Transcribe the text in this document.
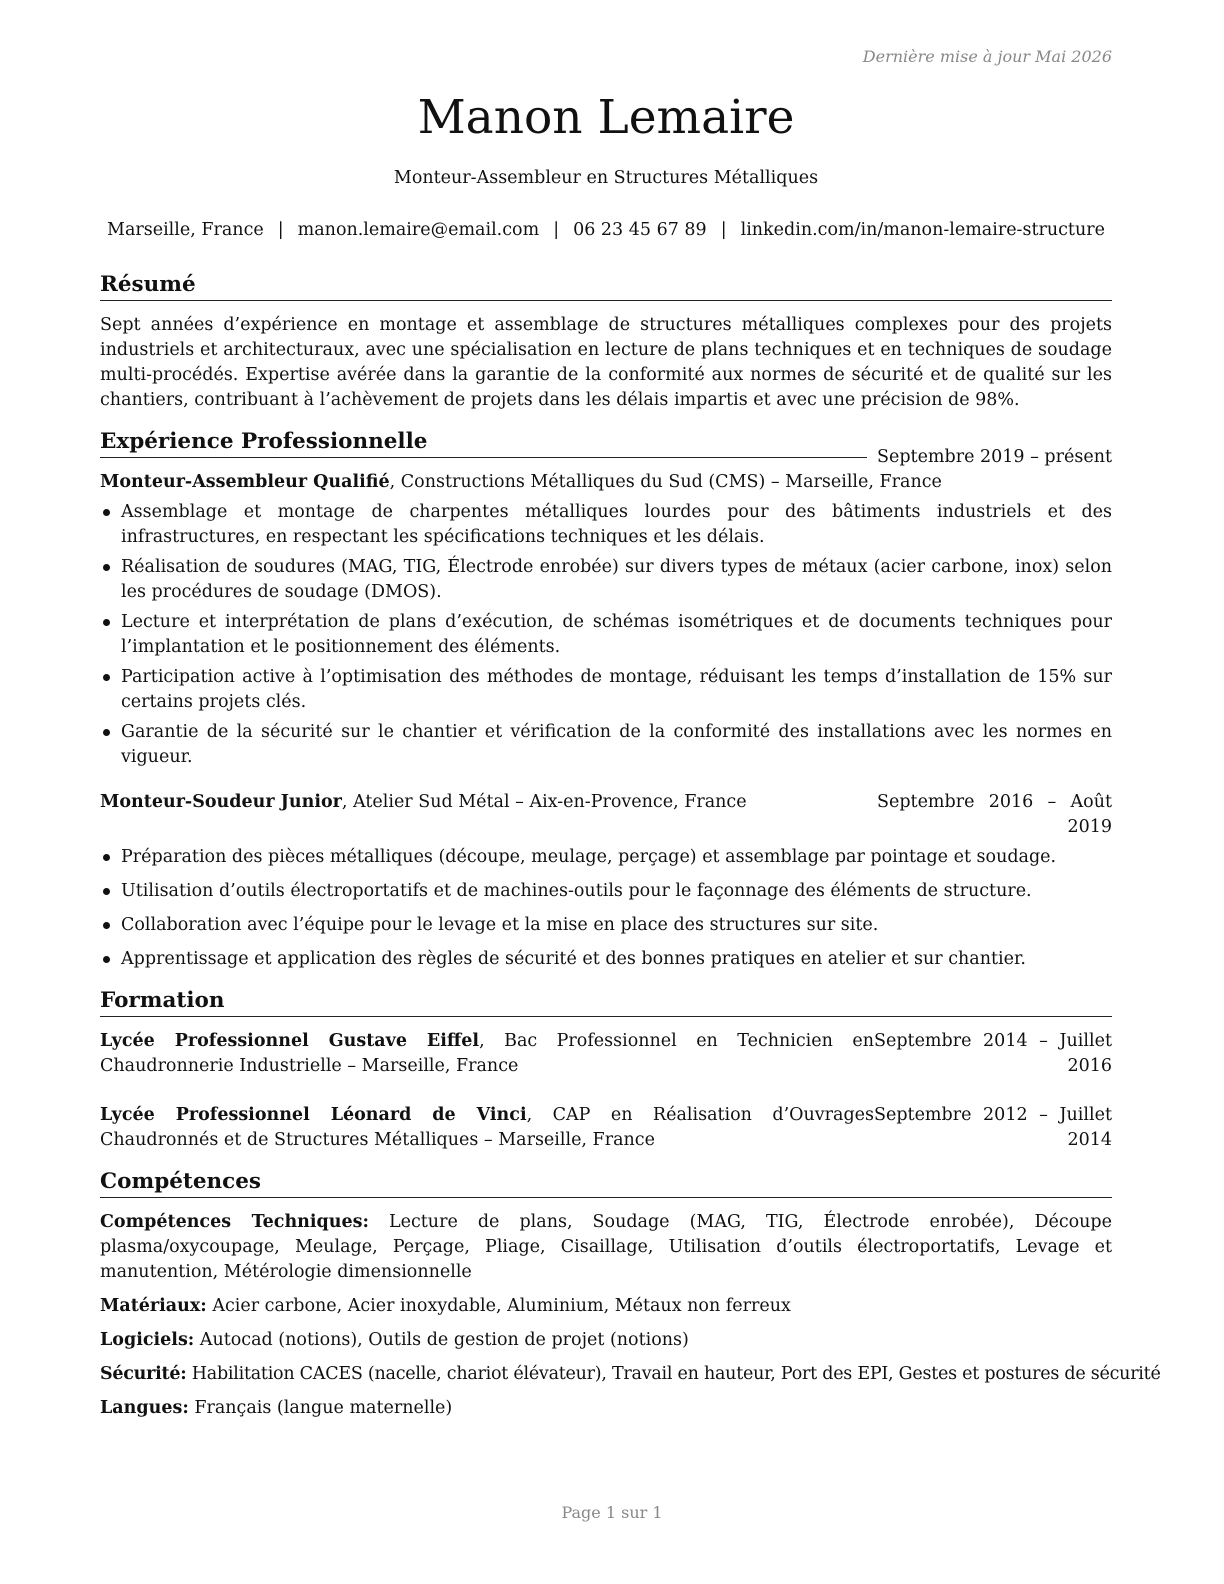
Dernière mise à jour Mai 2026
Manon Lemaire
Monteur-Assembleur en Structures Métalliques
Marseille, France | manon.lemaire@email.com | 06 23 45 67 89 | linkedin.com/in/manon-lemaire-structure
Résumé

Sept années d’expérience en montage et assemblage de structures métalliques complexes pour des projets industriels et architecturaux, avec une spécialisation en lecture de plans techniques et en techniques de soudage multi-procédés. Expertise avérée dans la garantie de la conformité aux normes de sécurité et de qualité sur les chantiers, contribuant à l’achèvement de projets dans les délais impartis et avec une précision de 98%.

Expérience Professionnelle

Monteur-Assembleur Qualifié, Constructions Métalliques du Sud (CMS) – Marseille, France

Septembre 2019 – présent
Assemblage et montage de charpentes métalliques lourdes pour des bâtiments industriels et des infrastructures, en respectant les spécifications techniques et les délais.
Réalisation de soudures (MAG, TIG, Électrode enrobée) sur divers types de métaux (acier carbone, inox) selon les procédures de soudage (DMOS).
Lecture et interprétation de plans d’exécution, de schémas isométriques et de documents techniques pour l’implantation et le positionnement des éléments.
Participation active à l’optimisation des méthodes de montage, réduisant les temps d’installation de 15% sur certains projets clés.
Garantie de la sécurité sur le chantier et vérification de la conformité des installations avec les normes en vigueur.
Monteur-Soudeur Junior, Atelier Sud Métal – Aix-en-Provence, France	Septembre 2016 – Août 2019
Préparation des pièces métalliques (découpe, meulage, perçage) et assemblage par pointage et soudage.
Utilisation d’outils électroportatifs et de machines-outils pour le façonnage des éléments de structure.
Collaboration avec l’équipe pour le levage et la mise en place des structures sur site.
Apprentissage et application des règles de sécurité et des bonnes pratiques en atelier et sur chantier.
Formation
Lycée Professionnel Gustave Eiffel, Bac Professionnel en Technicien en Chaudronnerie Industrielle – Marseille, France
Septembre 2014 – Juillet 2016
Lycée Professionnel Léonard de Vinci, CAP en Réalisation d’Ouvrages Chaudronnés et de Structures Métalliques – Marseille, France
Septembre 2012 – Juillet 2014
Compétences

Compétences Techniques: Lecture de plans, Soudage (MAG, TIG, Électrode enrobée), Découpe plasma/oxycoupage, Meulage, Perçage, Pliage, Cisaillage, Utilisation d’outils électroportatifs, Levage et manutention, Métérologie dimensionnelle

Matériaux: Acier carbone, Acier inoxydable, Aluminium, Métaux non ferreux

Logiciels: Autocad (notions), Outils de gestion de projet (notions)

Sécurité: Habilitation CACES (nacelle, chariot élévateur), Travail en hauteur, Port des EPI, Gestes et postures de sécurité

Langues: Français (langue maternelle)

Page 1 sur 1
